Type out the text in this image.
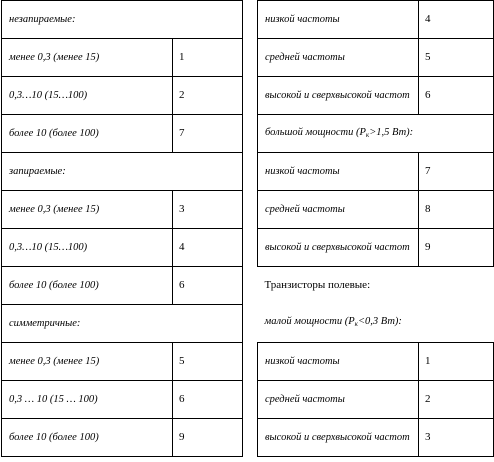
незапираемые:	
менее 0,3 (менее 15)	1
0,3…10 (15…100)	2
более 10 (более 100)	7
запираемые:	
менее 0,3 (менее 15)	3
0,3…10 (15…100)	4
более 10 (более 100)	6
симметричные:	
менее 0,3 (менее 15)	5
0,3 … 10 (15 … 100)	6
более 10 (более 100)	9
низкой частоты	4
средней частоты	5
высокой и сверхвысокой частот	6
большой мощности ($P_к>1,5$ Вт):	
низкой частоты	7
средней частоты	8
высокой и сверхвысокой частот	9
Транзисторы полевые:	
малой мощности ($P_к<0,3$ Вт):	
низкой частоты	1
средней частоты	2
высокой и сверхвысокой частот	3
